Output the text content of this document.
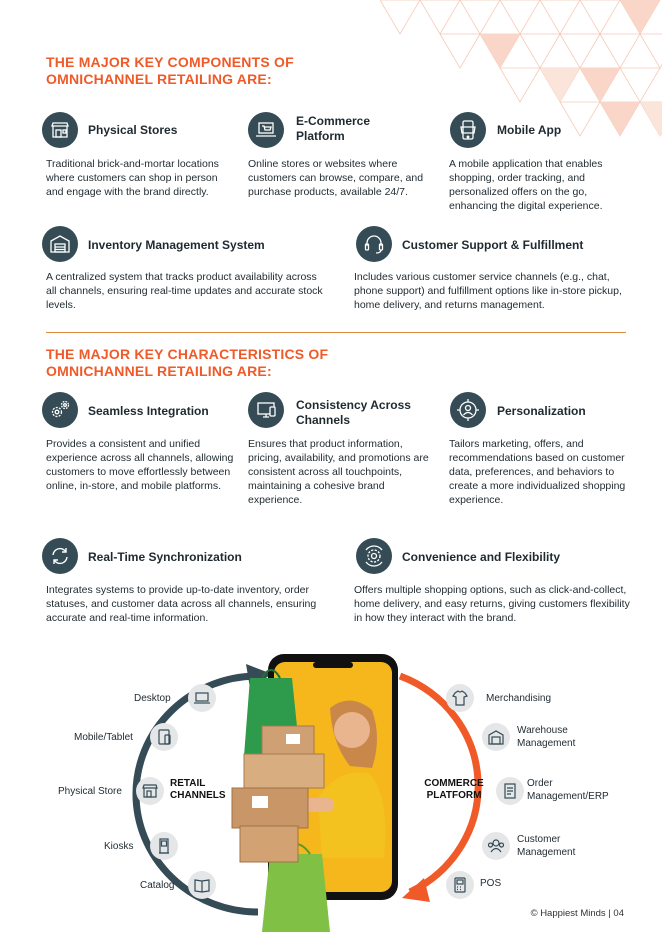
THE MAJOR KEY COMPONENTS OF
OMNICHANNEL RETAILING ARE:
Physical Stores
Traditional brick-and-mortar locations where customers can shop in person and engage with the brand directly.
E-Commerce
Platform
Online stores or websites where customers can browse, compare, and purchase products, available 24/7.
Mobile App
A mobile application that enables shopping, order tracking, and personalized offers on the go, enhancing the digital experience.
Inventory Management System
A centralized system that tracks product availability across all channels, ensuring real-time updates and accurate stock levels.
Customer Support & Fulfillment
Includes various customer service channels (e.g., chat, phone support) and fulfillment options like in-store pickup, home delivery, and returns management.
THE MAJOR KEY CHARACTERISTICS OF
OMNICHANNEL RETAILING ARE:
Seamless Integration
Provides a consistent and unified experience across all channels, allowing customers to move effortlessly between online, in-store, and mobile platforms.
Consistency Across
Channels
Ensures that product information, pricing, availability, and promotions are consistent across all touchpoints, maintaining a cohesive brand experience.
Personalization
Tailors marketing, offers, and recommendations based on customer data, preferences, and behaviors to create a more individualized shopping experience.
Real-Time Synchronization
Integrates systems to provide up-to-date inventory, order statuses, and customer data across all channels, ensuring accurate and real-time information.
Convenience and Flexibility
Offers multiple shopping options, such as click-and-collect, home delivery, and easy returns, giving customers flexibility in how they interact with the brand.
RETAIL
CHANNELS
COMMERCE
PLATFORM
Desktop
Mobile/Tablet
Physical Store
Kiosks
Catalog
Merchandising
Warehouse
Management
Order
Management/ERP
Customer
Management
POS
© Happiest Minds | 04
